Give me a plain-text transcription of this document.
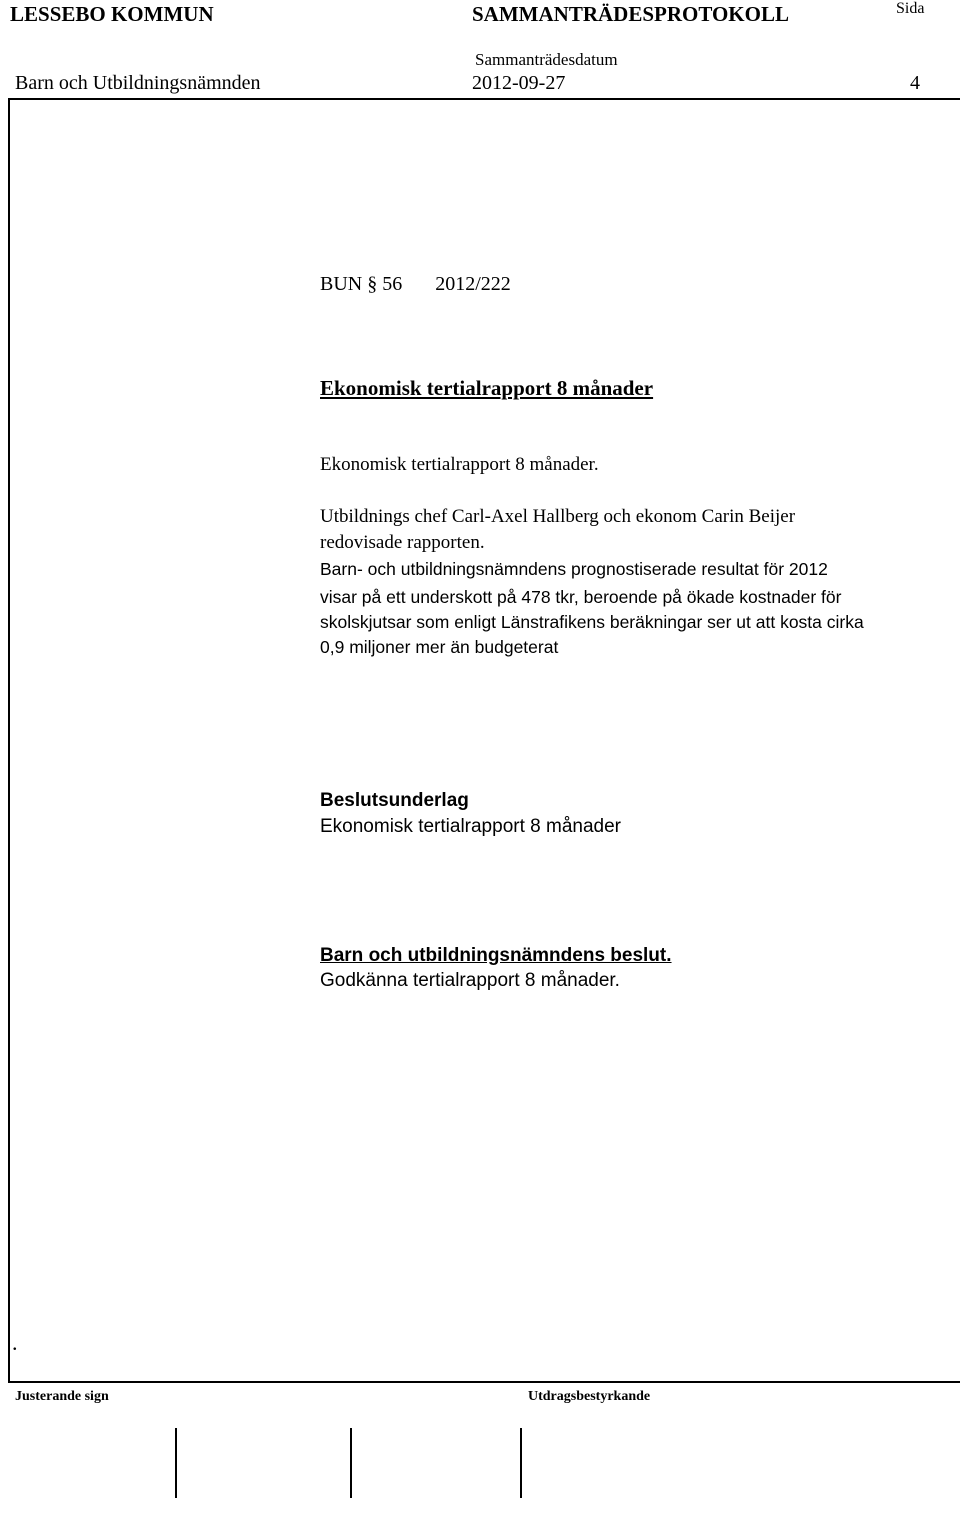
LESSEBO KOMMUN	SAMMANTRÄDESPROTOKOLL	Sida
Sammanträdesdatum
Barn och Utbildningsnämnden	2012-09-27	4
BUN § 56 2012/222
Ekonomisk tertialrapport 8 månader
Ekonomisk tertialrapport 8 månader.
Utbildnings chef Carl-Axel Hallberg och ekonom Carin Beijer
redovisade rapporten.
Barn- och utbildningsnämndens prognostiserade resultat för 2012
visar på ett underskott på 478 tkr, beroende på ökade kostnader för
skolskjutsar som enligt Länstrafikens beräkningar ser ut att kosta cirka
0,9 miljoner mer än budgeterat
Beslutsunderlag
Ekonomisk tertialrapport 8 månader
Barn och utbildningsnämndens beslut.
Godkänna tertialrapport 8 månader.
.
Justerande sign	Utdragsbestyrkande
